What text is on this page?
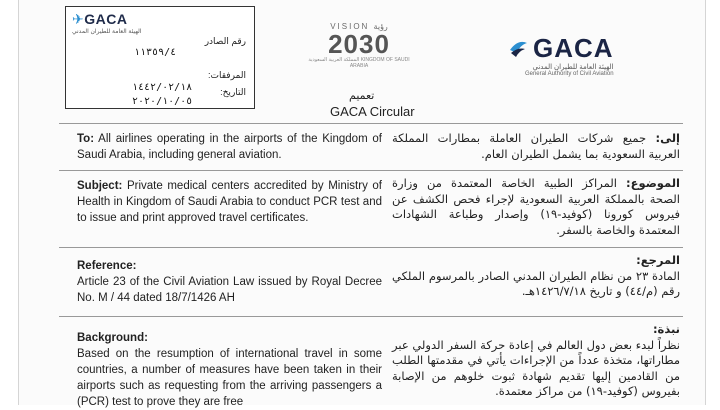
✈GACA
الهيئة العامة للطيران المدني
رقم الصادر
١١٣٥٩/٤
المرفقات:
١٤٤٢/٠٢/١٨	التاريخ:
٢٠٢٠/١٠/٠٥
VISION رؤية
2030
المملكة العربية السعودية KINGDOM OF SAUDI ARABIA
GACA
الهيئة العامة للطيران المدني
General Authority of Civil Aviation
تعميم
GACA Circular
To: All airlines operating in the airports of the Kingdom of Saudi Arabia, including general aviation.
إلى: جميع شركات الطيران العاملة بمطارات المملكة العربية السعودية بما يشمل الطيران العام.
Subject: Private medical centers accredited by Ministry of Health in Kingdom of Saudi Arabia to conduct PCR test and to issue and print approved travel certificates.
الموضوع: المراكز الطبية الخاصة المعتمدة من وزارة الصحة بالمملكة العربية السعودية لإجراء فحص الكشف عن فيروس كورونا (كوفيد-١٩) وإصدار وطباعة الشهادات المعتمدة والخاصة بالسفر.
Reference:
Article 23 of the Civil Aviation Law issued by Royal Decree No. M / 44 dated 18/7/1426 AH
المرجع:
المادة ٢٣ من نظام الطيران المدني الصادر بالمرسوم الملكي رقم (م/٤٤) و تاريخ ١٤٢٦/٧/١٨هـ.
Background:
Based on the resumption of international travel in some countries, a number of measures have been taken in their airports such as requesting from the arriving passengers a (PCR) test to prove they are free
نبذة:
نظراً لبدء بعض دول العالم في إعادة حركة السفر الدولي عبر مطاراتها، متخذة عدداً من الإجراءات يأتي في مقدمتها الطلب من القادمين إليها تقديم شهادة ثبوت خلوهم من الإصابة بفيروس (كوفيد-١٩) من مراكز معتمدة.
